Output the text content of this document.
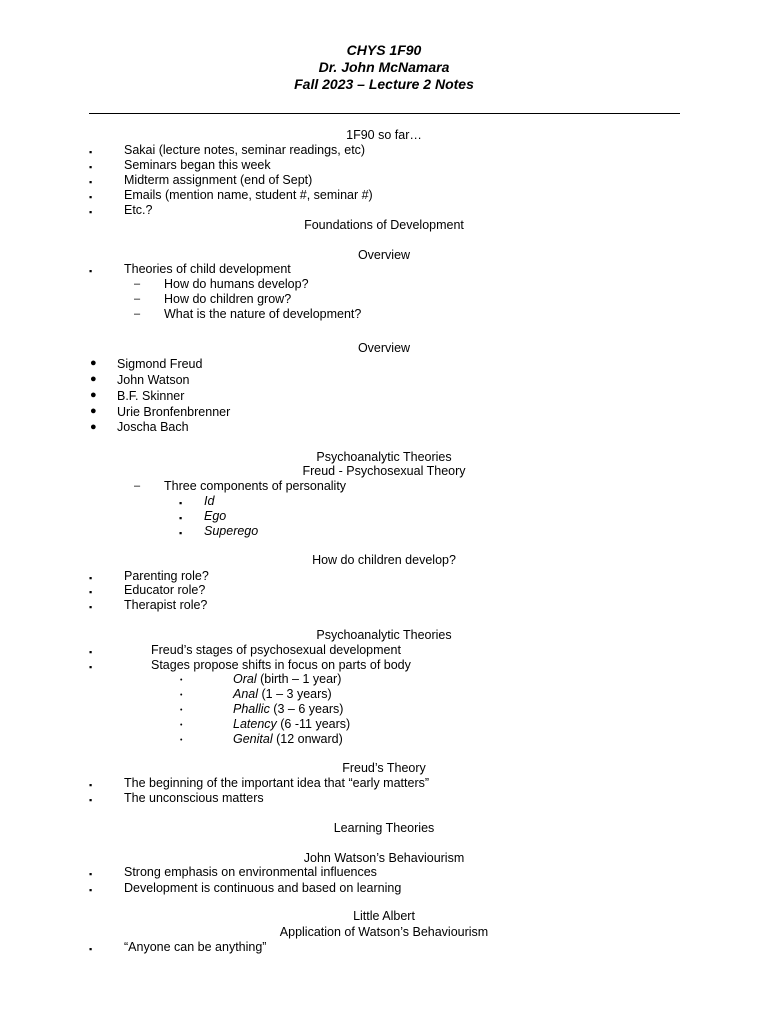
CHYS 1F90
Dr. John McNamara
Fall 2023 – Lecture 2 Notes
1F90 so far…
▪	Sakai (lecture notes, seminar readings, etc)
▪	Seminars began this week
▪	Midterm assignment (end of Sept)
▪	Emails (mention name, student #, seminar #)
▪	Etc.?
Foundations of Development
Overview
▪	Theories of child development
– How do humans develop?
– How do children grow?
– What is the nature of development?
Overview
● Sigmond Freud
● John Watson
● B.F. Skinner
● Urie Bronfenbrenner
● Joscha Bach
Psychoanalytic Theories
Freud - Psychosexual Theory
– Three components of personality
▪ Id
▪ Ego
▪ Superego
How do children develop?
▪	Parenting role?
▪	Educator role?
▪	Therapist role?
Psychoanalytic Theories
▪	Freud’s stages of psychosexual development
▪	Stages propose shifts in focus on parts of body
•	Oral (birth – 1 year)
•	Anal (1 – 3 years)
•	Phallic (3 – 6 years)
•	Latency (6 -11 years)
•	Genital (12 onward)
Freud’s Theory
▪	The beginning of the important idea that “early matters”
▪	The unconscious matters
Learning Theories
John Watson’s Behaviourism
▪	Strong emphasis on environmental influences
▪	Development is continuous and based on learning
Little Albert
Application of Watson’s Behaviourism
▪	“Anyone can be anything”
